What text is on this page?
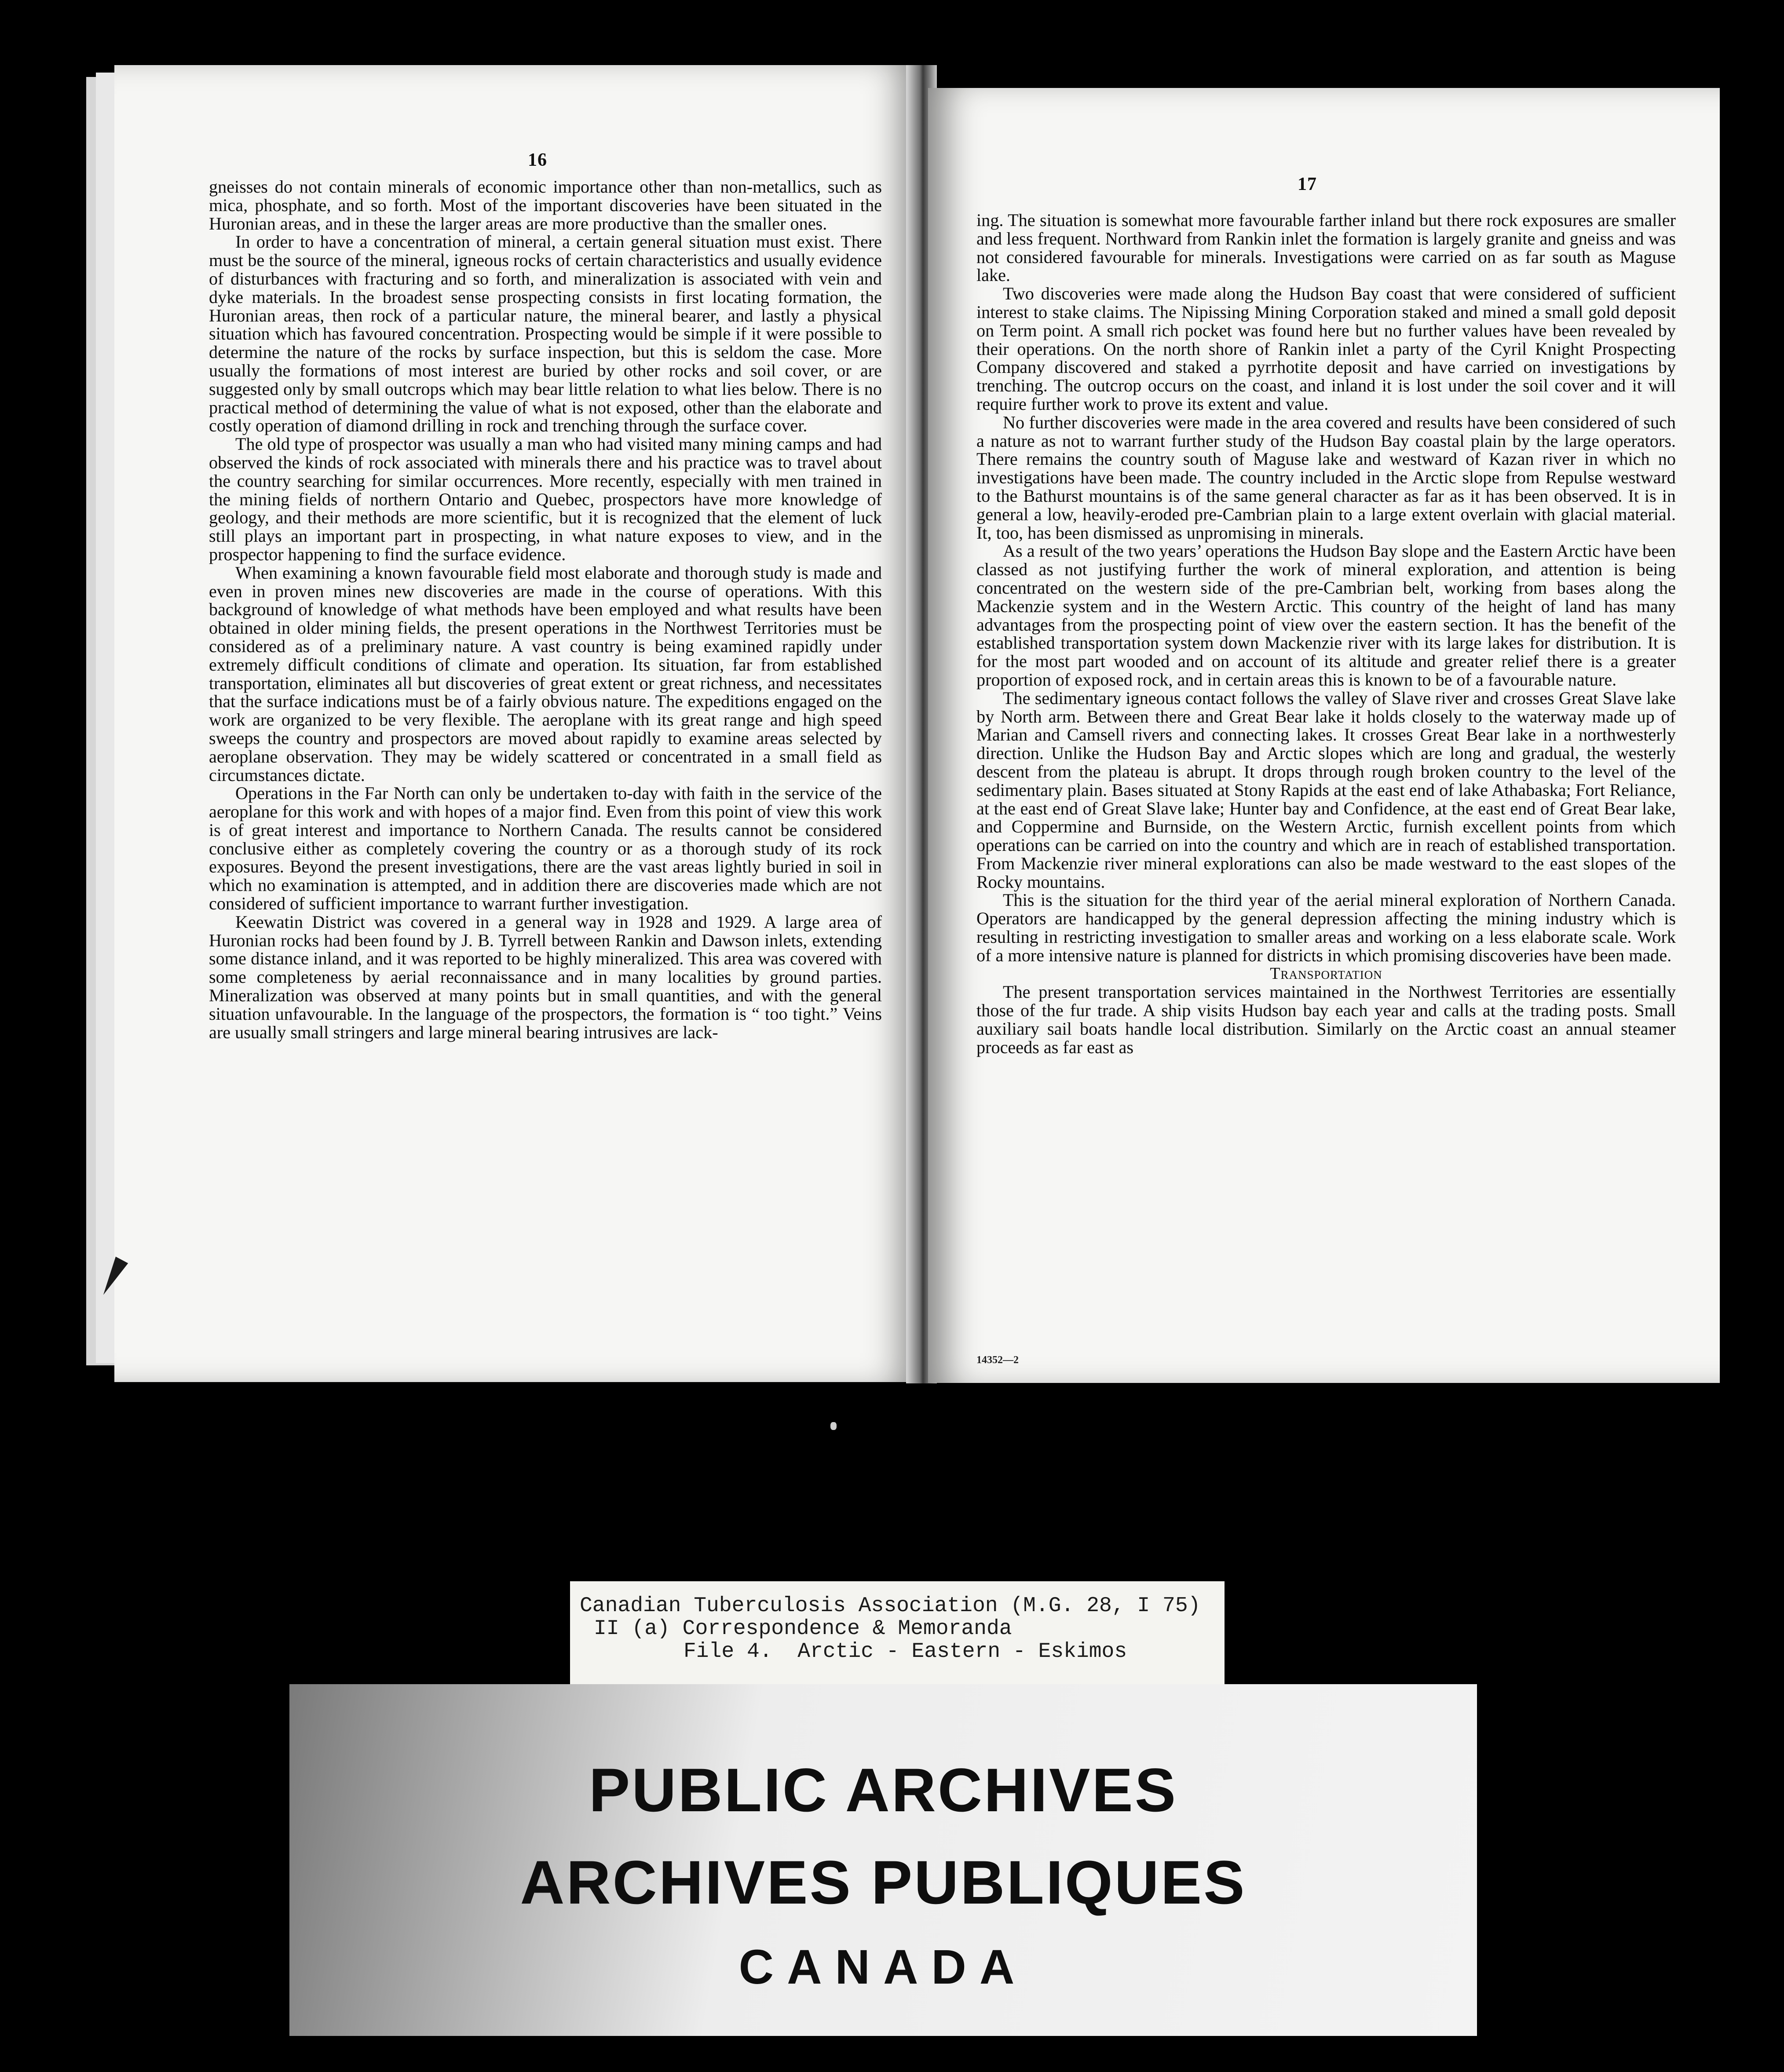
16

gneisses do not contain minerals of economic importance other than non-metallics, such as mica, phosphate, and so forth. Most of the important discoveries have been situated in the Huronian areas, and in these the larger areas are more productive than the smaller ones.

In order to have a concentration of mineral, a certain general situation must exist. There must be the source of the mineral, igneous rocks of certain characteristics and usually evidence of disturbances with fracturing and so forth, and mineralization is associated with vein and dyke materials. In the broadest sense prospecting consists in first locating formation, the Huronian areas, then rock of a particular nature, the mineral bearer, and lastly a physical situation which has favoured concentration. Prospecting would be simple if it were possible to determine the nature of the rocks by surface inspection, but this is seldom the case. More usually the formations of most interest are buried by other rocks and soil cover, or are suggested only by small outcrops which may bear little relation to what lies below. There is no practical method of determining the value of what is not exposed, other than the elaborate and costly operation of diamond drilling in rock and trenching through the surface cover.

The old type of prospector was usually a man who had visited many mining camps and had observed the kinds of rock associated with minerals there and his practice was to travel about the country searching for similar occurrences. More recently, especially with men trained in the mining fields of northern Ontario and Quebec, prospectors have more knowledge of geology, and their methods are more scientific, but it is recognized that the element of luck still plays an important part in prospecting, in what nature exposes to view, and in the prospector happening to find the surface evidence.

When examining a known favourable field most elaborate and thorough study is made and even in proven mines new discoveries are made in the course of operations. With this background of knowledge of what methods have been employed and what results have been obtained in older mining fields, the present operations in the Northwest Territories must be considered as of a preliminary nature. A vast country is being examined rapidly under extremely difficult conditions of climate and operation. Its situation, far from established transportation, eliminates all but discoveries of great extent or great richness, and necessitates that the surface indications must be of a fairly obvious nature. The expeditions engaged on the work are organized to be very flexible. The aeroplane with its great range and high speed sweeps the country and prospectors are moved about rapidly to examine areas selected by aeroplane observation. They may be widely scattered or concentrated in a small field as circumstances dictate.

Operations in the Far North can only be undertaken to-day with faith in the service of the aeroplane for this work and with hopes of a major find. Even from this point of view this work is of great interest and importance to Northern Canada. The results cannot be considered conclusive either as completely covering the country or as a thorough study of its rock exposures. Beyond the present investigations, there are the vast areas lightly buried in soil in which no examination is attempted, and in addition there are discoveries made which are not considered of sufficient importance to warrant further investigation.

Keewatin District was covered in a general way in 1928 and 1929. A large area of Huronian rocks had been found by J. B. Tyrrell between Rankin and Dawson inlets, extending some distance inland, and it was reported to be highly mineralized. This area was covered with some completeness by aerial reconnaissance and in many localities by ground parties. Mineralization was observed at many points but in small quantities, and with the general situation unfavourable. In the language of the prospectors, the formation is “ too tight.” Veins are usually small stringers and large mineral bearing intrusives are lack-

17

ing. The situation is somewhat more favourable farther inland but there rock exposures are smaller and less frequent. Northward from Rankin inlet the formation is largely granite and gneiss and was not considered favourable for minerals. Investigations were carried on as far south as Maguse lake.

Two discoveries were made along the Hudson Bay coast that were considered of sufficient interest to stake claims. The Nipissing Mining Corporation staked and mined a small gold deposit on Term point. A small rich pocket was found here but no further values have been revealed by their operations. On the north shore of Rankin inlet a party of the Cyril Knight Prospecting Company discovered and staked a pyrrhotite deposit and have carried on investigations by trenching. The outcrop occurs on the coast, and inland it is lost under the soil cover and it will require further work to prove its extent and value.

No further discoveries were made in the area covered and results have been considered of such a nature as not to warrant further study of the Hudson Bay coastal plain by the large operators. There remains the country south of Maguse lake and westward of Kazan river in which no investigations have been made. The country included in the Arctic slope from Repulse westward to the Bathurst mountains is of the same general character as far as it has been observed. It is in general a low, heavily-eroded pre-Cambrian plain to a large extent overlain with glacial material. It, too, has been dismissed as unpromising in minerals.

As a result of the two years’ operations the Hudson Bay slope and the Eastern Arctic have been classed as not justifying further the work of mineral exploration, and attention is being concentrated on the western side of the pre-Cambrian belt, working from bases along the Mackenzie system and in the Western Arctic. This country of the height of land has many advantages from the prospecting point of view over the eastern section. It has the benefit of the established transportation system down Mackenzie river with its large lakes for distribution. It is for the most part wooded and on account of its altitude and greater relief there is a greater proportion of exposed rock, and in certain areas this is known to be of a favourable nature.

The sedimentary igneous contact follows the valley of Slave river and crosses Great Slave lake by North arm. Between there and Great Bear lake it holds closely to the waterway made up of Marian and Camsell rivers and connecting lakes. It crosses Great Bear lake in a northwesterly direction. Unlike the Hudson Bay and Arctic slopes which are long and gradual, the westerly descent from the plateau is abrupt. It drops through rough broken country to the level of the sedimentary plain. Bases situated at Stony Rapids at the east end of lake Athabaska; Fort Reliance, at the east end of Great Slave lake; Hunter bay and Confidence, at the east end of Great Bear lake, and Coppermine and Burnside, on the Western Arctic, furnish excellent points from which operations can be carried on into the country and which are in reach of established transportation. From Mackenzie river mineral explorations can also be made westward to the east slopes of the Rocky mountains.

This is the situation for the third year of the aerial mineral exploration of Northern Canada. Operators are handicapped by the general depression affecting the mining industry which is resulting in restricting investigation to smaller areas and working on a less elaborate scale. Work of a more intensive nature is planned for districts in which promising discoveries have been made.

Transportation

The present transportation services maintained in the Northwest Territories are essentially those of the fur trade. A ship visits Hudson bay each year and calls at the trading posts. Small auxiliary sail boats handle local distribution. Similarly on the Arctic coast an annual steamer proceeds as far east as

14352—2
Canadian Tuberculosis Association (M.G. 28, I 75)
II (a) Correspondence & Memoranda
File 4.  Arctic - Eastern - Eskimos
PUBLIC ARCHIVES
ARCHIVES PUBLIQUES
CANADA
